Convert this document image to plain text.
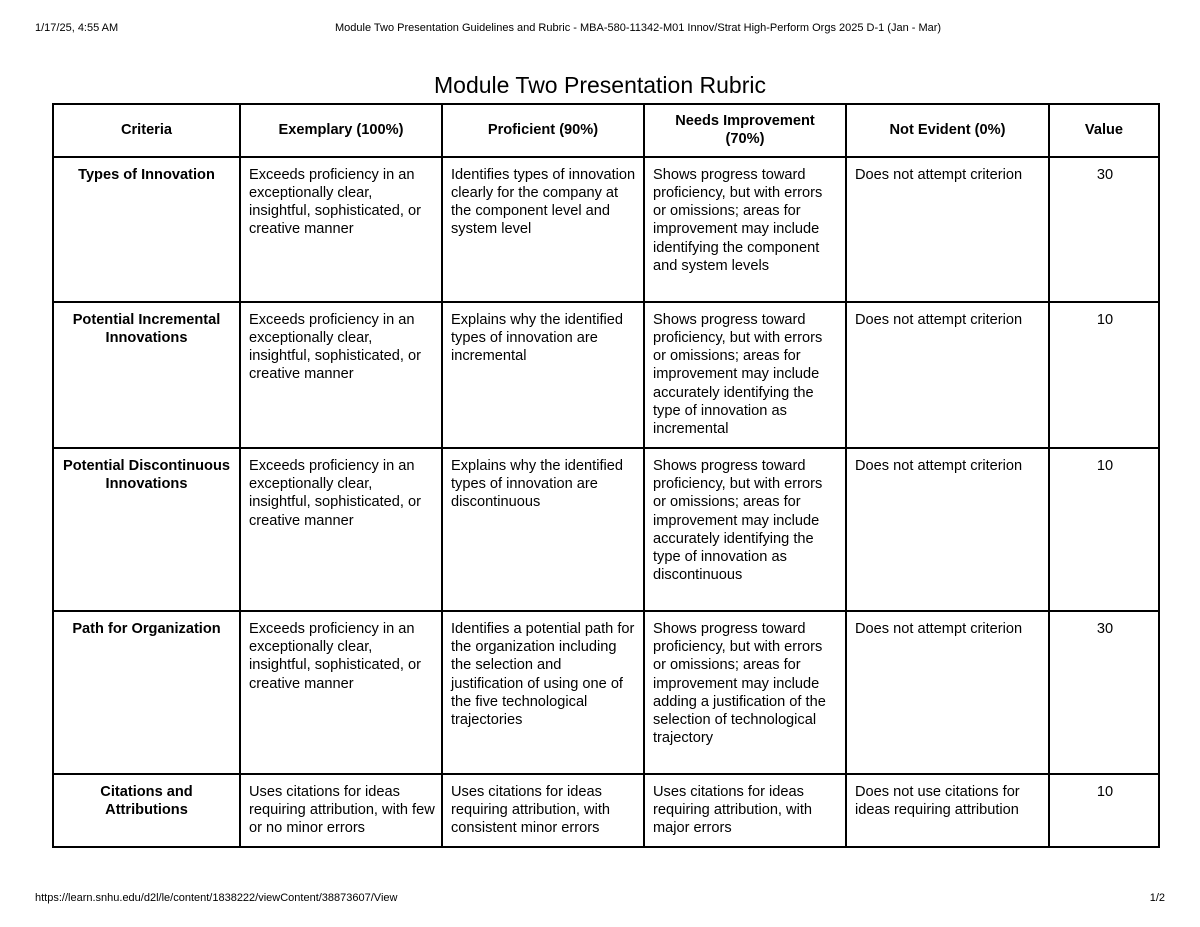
1/17/25, 4:55 AM	Module Two Presentation Guidelines and Rubric - MBA-580-11342-M01 Innov/Strat High-Perform Orgs 2025 D-1 (Jan - Mar)
Module Two Presentation Rubric
Criteria	Exemplary (100%)	Proficient (90%)	Needs Improvement (70%)	Not Evident (0%)	Value
Types of Innovation	Exceeds proficiency in an exceptionally clear, insightful, sophisticated, or creative manner	Identifies types of innovation clearly for the company at the component level and system level	Shows progress toward proficiency, but with errors or omissions; areas for improvement may include identifying the component and system levels	Does not attempt criterion	30
Potential Incremental Innovations	Exceeds proficiency in an exceptionally clear, insightful, sophisticated, or creative manner	Explains why the identified types of innovation are incremental	Shows progress toward proficiency, but with errors or omissions; areas for improvement may include accurately identifying the type of innovation as incremental	Does not attempt criterion	10
Potential Discontinuous Innovations	Exceeds proficiency in an exceptionally clear, insightful, sophisticated, or creative manner	Explains why the identified types of innovation are discontinuous	Shows progress toward proficiency, but with errors or omissions; areas for improvement may include accurately identifying the type of innovation as discontinuous	Does not attempt criterion	10
Path for Organization	Exceeds proficiency in an exceptionally clear, insightful, sophisticated, or creative manner	Identifies a potential path for the organization including the selection and justification of using one of the five technological trajectories	Shows progress toward proficiency, but with errors or omissions; areas for improvement may include adding a justification of the selection of technological trajectory	Does not attempt criterion	30
Citations and Attributions	Uses citations for ideas requiring attribution, with few or no minor errors	Uses citations for ideas requiring attribution, with consistent minor errors	Uses citations for ideas requiring attribution, with major errors	Does not use citations for ideas requiring attribution	10
https://learn.snhu.edu/d2l/le/content/1838222/viewContent/38873607/View	1/2
